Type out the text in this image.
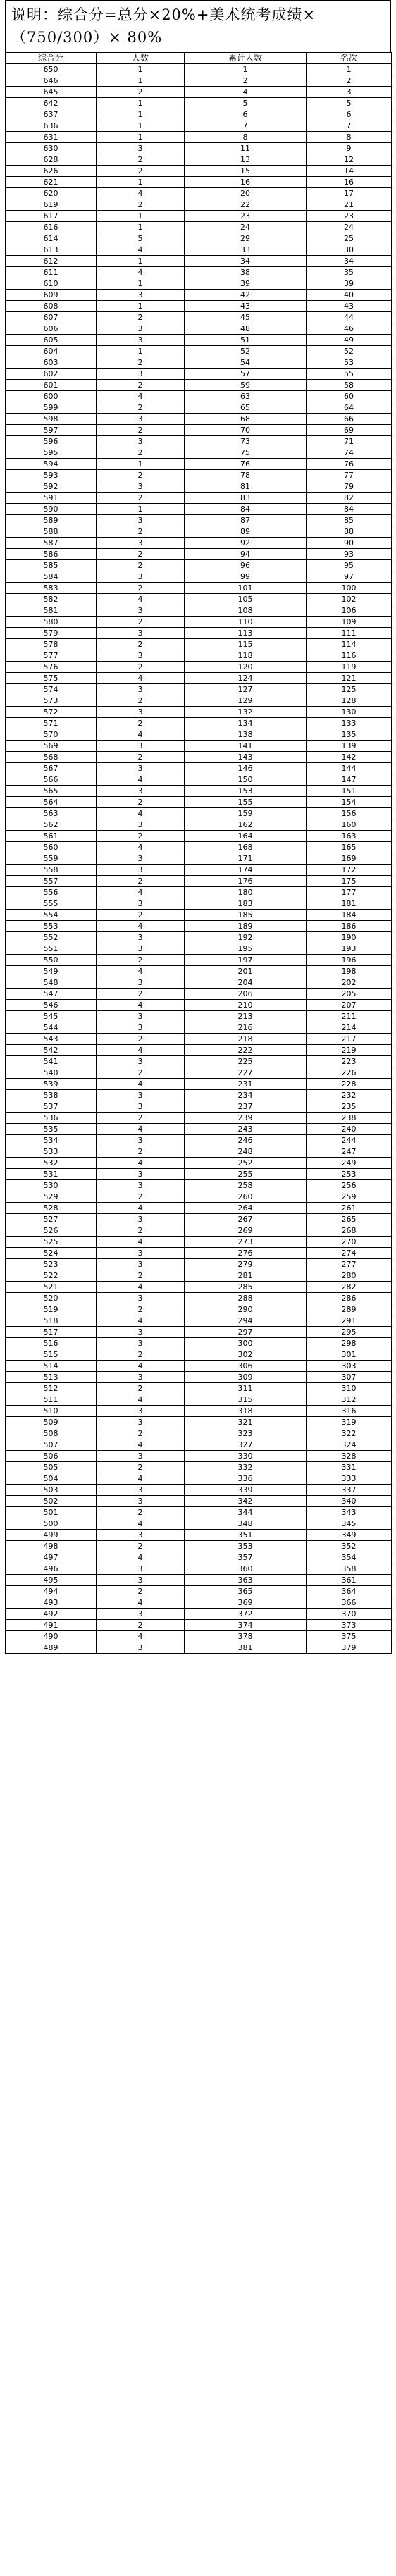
说明：综合分=总分×20%+美术统考成绩×（750/300）× 80%
综合分	人数	累计人数	名次
650	1	1	1
646	1	2	2
645	2	4	3
642	1	5	5
637	1	6	6
636	1	7	7
631	1	8	8
630	3	11	9
628	2	13	12
626	2	15	14
621	1	16	16
620	4	20	17
619	2	22	21
617	1	23	23
616	1	24	24
614	5	29	25
613	4	33	30
612	1	34	34
611	4	38	35
610	1	39	39
609	3	42	40
608	1	43	43
607	2	45	44
606	3	48	46
605	3	51	49
604	1	52	52
603	2	54	53
602	3	57	55
601	2	59	58
600	4	63	60
599	2	65	64
598	3	68	66
597	2	70	69
596	3	73	71
595	2	75	74
594	1	76	76
593	2	78	77
592	3	81	79
591	2	83	82
590	1	84	84
589	3	87	85
588	2	89	88
587	3	92	90
586	2	94	93
585	2	96	95
584	3	99	97
583	2	101	100
582	4	105	102
581	3	108	106
580	2	110	109
579	3	113	111
578	2	115	114
577	3	118	116
576	2	120	119
575	4	124	121
574	3	127	125
573	2	129	128
572	3	132	130
571	2	134	133
570	4	138	135
569	3	141	139
568	2	143	142
567	3	146	144
566	4	150	147
565	3	153	151
564	2	155	154
563	4	159	156
562	3	162	160
561	2	164	163
560	4	168	165
559	3	171	169
558	3	174	172
557	2	176	175
556	4	180	177
555	3	183	181
554	2	185	184
553	4	189	186
552	3	192	190
551	3	195	193
550	2	197	196
549	4	201	198
548	3	204	202
547	2	206	205
546	4	210	207
545	3	213	211
544	3	216	214
543	2	218	217
542	4	222	219
541	3	225	223
540	2	227	226
539	4	231	228
538	3	234	232
537	3	237	235
536	2	239	238
535	4	243	240
534	3	246	244
533	2	248	247
532	4	252	249
531	3	255	253
530	3	258	256
529	2	260	259
528	4	264	261
527	3	267	265
526	2	269	268
525	4	273	270
524	3	276	274
523	3	279	277
522	2	281	280
521	4	285	282
520	3	288	286
519	2	290	289
518	4	294	291
517	3	297	295
516	3	300	298
515	2	302	301
514	4	306	303
513	3	309	307
512	2	311	310
511	4	315	312
510	3	318	316
509	3	321	319
508	2	323	322
507	4	327	324
506	3	330	328
505	2	332	331
504	4	336	333
503	3	339	337
502	3	342	340
501	2	344	343
500	4	348	345
499	3	351	349
498	2	353	352
497	4	357	354
496	3	360	358
495	3	363	361
494	2	365	364
493	4	369	366
492	3	372	370
491	2	374	373
490	4	378	375
489	3	381	379
